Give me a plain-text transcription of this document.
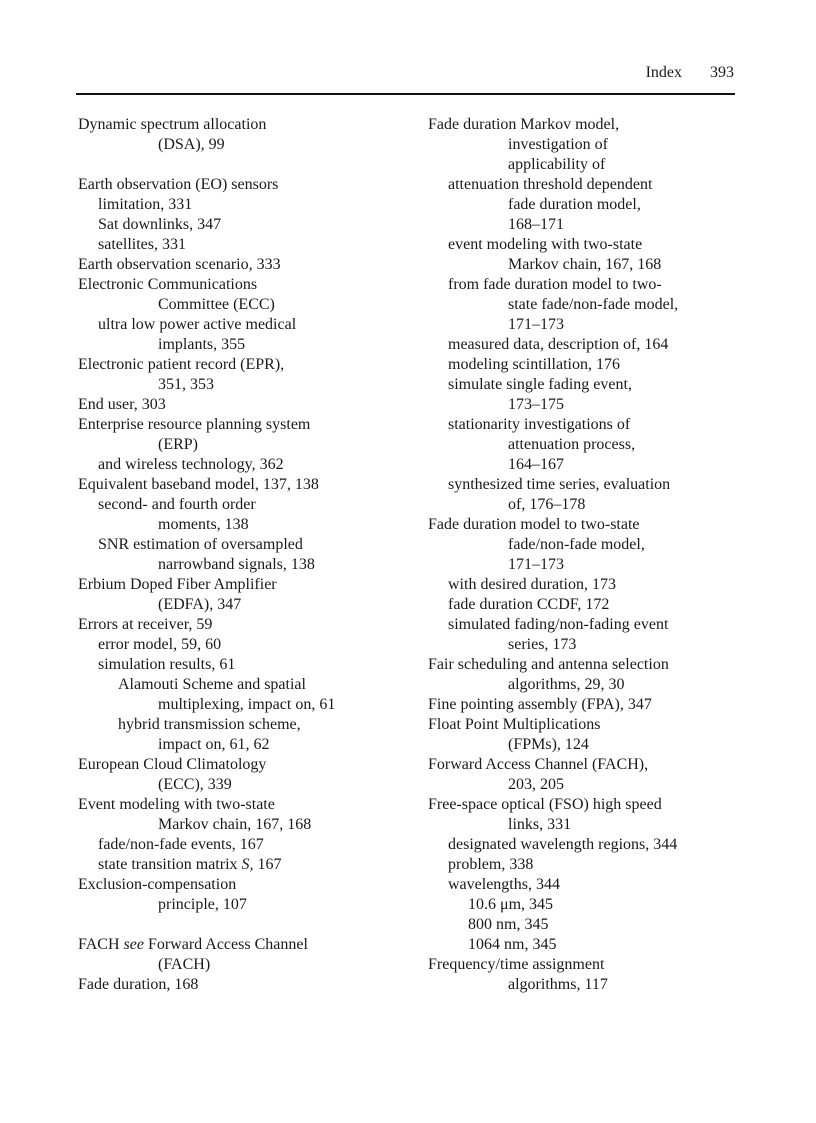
Index 393
Dynamic spectrum allocation
(DSA), 99
Earth observation (EO) sensors
limitation, 331
Sat downlinks, 347
satellites, 331
Earth observation scenario, 333
Electronic Communications
Committee (ECC)
ultra low power active medical
implants, 355
Electronic patient record (EPR),
351, 353
End user, 303
Enterprise resource planning system
(ERP)
and wireless technology, 362
Equivalent baseband model, 137, 138
second- and fourth order
moments, 138
SNR estimation of oversampled
narrowband signals, 138
Erbium Doped Fiber Amplifier
(EDFA), 347
Errors at receiver, 59
error model, 59, 60
simulation results, 61
Alamouti Scheme and spatial
multiplexing, impact on, 61
hybrid transmission scheme,
impact on, 61, 62
European Cloud Climatology
(ECC), 339
Event modeling with two-state
Markov chain, 167, 168
fade/non-fade events, 167
state transition matrix S, 167
Exclusion-compensation
principle, 107
FACH see Forward Access Channel
(FACH)
Fade duration, 168
Fade duration Markov model,
investigation of
applicability of
attenuation threshold dependent
fade duration model,
168–171
event modeling with two-state
Markov chain, 167, 168
from fade duration model to two-
state fade/non-fade model,
171–173
measured data, description of, 164
modeling scintillation, 176
simulate single fading event,
173–175
stationarity investigations of
attenuation process,
164–167
synthesized time series, evaluation
of, 176–178
Fade duration model to two-state
fade/non-fade model,
171–173
with desired duration, 173
fade duration CCDF, 172
simulated fading/non-fading event
series, 173
Fair scheduling and antenna selection
algorithms, 29, 30
Fine pointing assembly (FPA), 347
Float Point Multiplications
(FPMs), 124
Forward Access Channel (FACH),
203, 205
Free-space optical (FSO) high speed
links, 331
designated wavelength regions, 344
problem, 338
wavelengths, 344
10.6 μm, 345
800 nm, 345
1064 nm, 345
Frequency/time assignment
algorithms, 117
